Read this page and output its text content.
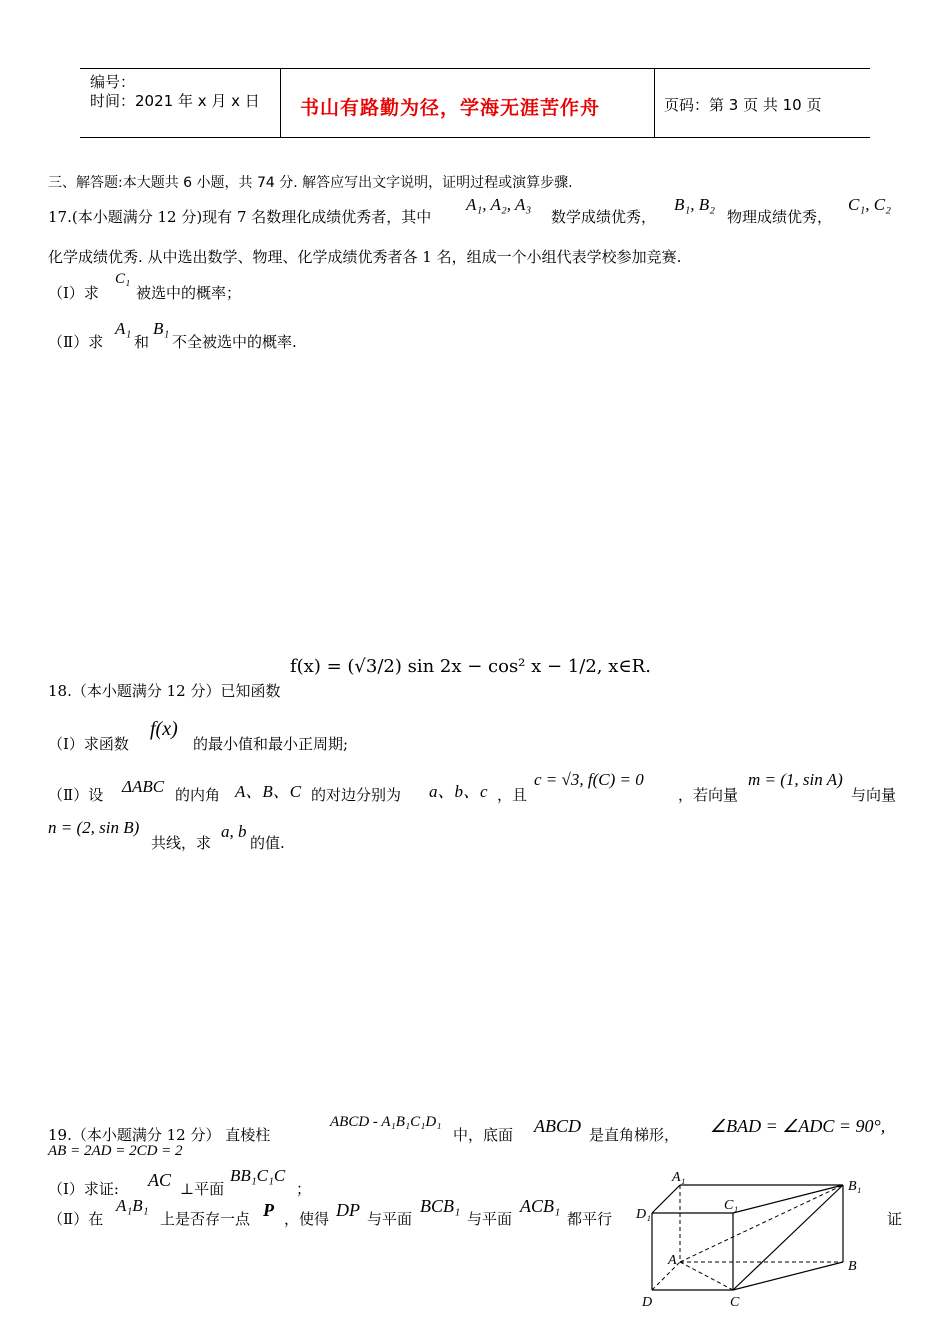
编号：
时间：2021 年 x 月 x 日 书山有路勤为径，学海无涯苦作舟	页码：第 3 页 共 10 页
三、解答题:本大题共 6 小题，共 74 分. 解答应写出文字说明，证明过程或演算步骤.
17.(本小题满分 12 分)现有 7 名数理化成绩优秀者，其中
A₁, A₂, A₃
数学成绩优秀，
B₁, B₂
物理成绩优秀，
C₁, C₂
化学成绩优秀. 从中选出数学、物理、化学成绩优秀者各 1 名，组成一个小组代表学校参加竞赛.
（Ⅰ）求
C₁
被选中的概率；
（Ⅱ）求
A₁
和
B₁
不全被选中的概率.
18.（本小题满分 12 分）已知函数
f(x) = (√3/2) sin 2x − cos² x − 1/2, x∈R.
（Ⅰ）求函数
f(x)
的最小值和最小正周期;
（Ⅱ）设 ΔABC 的内角 A、B、C 的对边分别为 a、b、c ，且
c = √3, f(C) = 0
，若向量
m = (1, sin A)
与向量
n = (2, sin B)
共线，求
a, b
的值.
19.（本小题满分 12 分） 直棱柱
ABCD - A₁B₁C₁D₁
中，底面 ABCD 是直角梯形， ∠BAD = ∠ADC = 90°,
AB = 2AD = 2CD = 2
（Ⅰ）求证: AC ⊥平面
BB₁C₁C
；
（Ⅱ）在
A₁B₁
上是否存一点 P ，使得 DP 与平面
BCB₁
与平面
ACB₁
都平行	证
A₁
B₁
C₁
D₁
A	B
C
D
